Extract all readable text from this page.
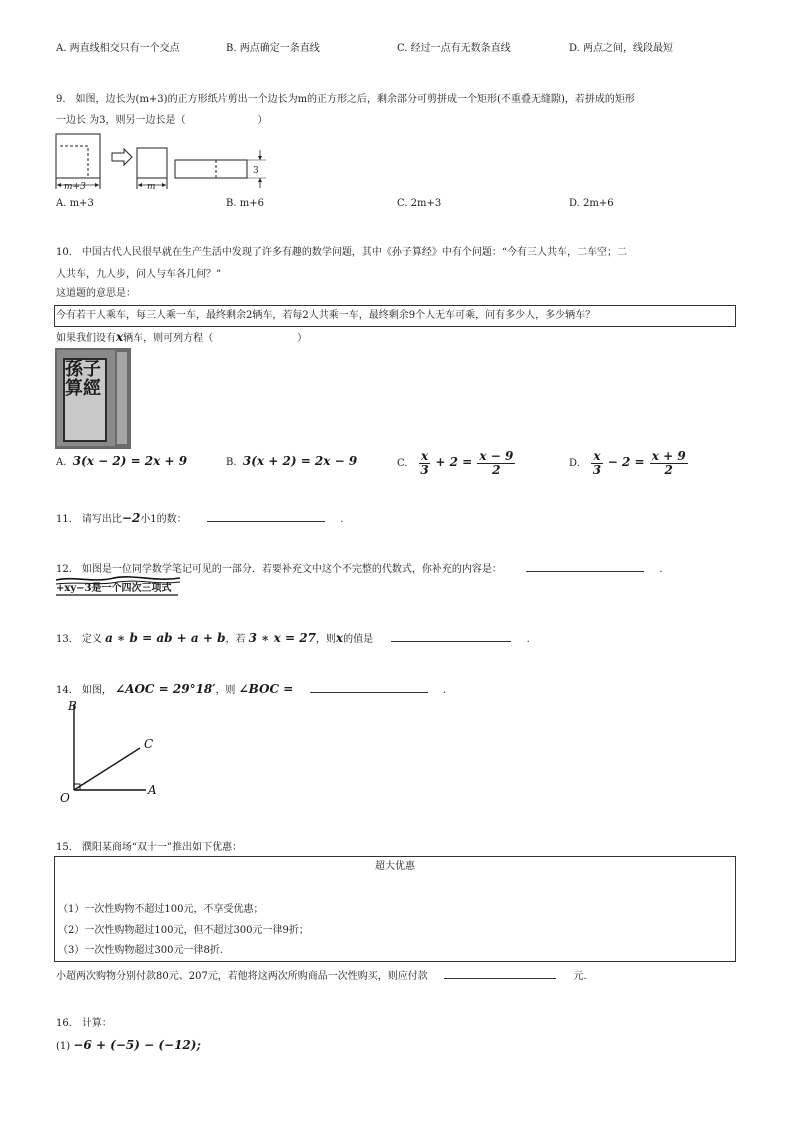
A. 两直线相交只有一个交点	B. 两点确定一条直线	C. 经过一点有无数条直线	D. 两点之间，线段最短
9． 如图，边长为(m+3)的正方形纸片剪出一个边长为m的正方形之后，剩余部分可剪拼成一个矩形(不重叠无缝隙)，若拼成的矩形
一边长 为3，则另一边长是（	）
m+3	m
3
A. m+3	B. m+6	C. 2m+3	D. 2m+6
10． 中国古代人民很早就在生产生活中发现了许多有趣的数学问题，其中《孙子算经》中有个问题：“今有三人共车，二车空；二
人共车，九人步，问人与车各几何？”
这道题的意思是：
今有若干人乘车，每三人乘一车，最终剩余2辆车，若每2人共乘一车，最终剩余9个人无车可乘，问有多少人，多少辆车？
如果我们设有x辆车，则可列方程（	）
孫子算經
A. 3(x − 2) = 2x + 9	B. 3(x + 2) = 2x − 9	C. $\frac{x}{3} + 2 = \frac{x - 9}{2}$	D. $\frac{x}{3} - 2 = \frac{x + 9}{2}$
11． 请写出比−2小1的数：	.
12． 如图是一位同学数学笔记可见的一部分．若要补充文中这个不完整的代数式，你补充的内容是：	.
+xy−3是一个四次三项式
13． 定义 a ∗ b = ab + a + b，若 3 ∗ x = 27，则x的值是	.
14． 如图， ∠AOC = 29°18′，则 ∠BOC =	.
B
C
O
A
15． 濮阳某商场“双十一”推出如下优惠：
超大优惠
（1）一次性购物不超过100元，不享受优惠；
（2）一次性购物超过100元，但不超过300元一律9折；
（3）一次性购物超过300元一律8折.
小超两次购物分别付款80元、207元，若他将这两次所购商品一次性购买，则应付款	元.
16． 计算：
(1) −6 + (−5) − (−12);
